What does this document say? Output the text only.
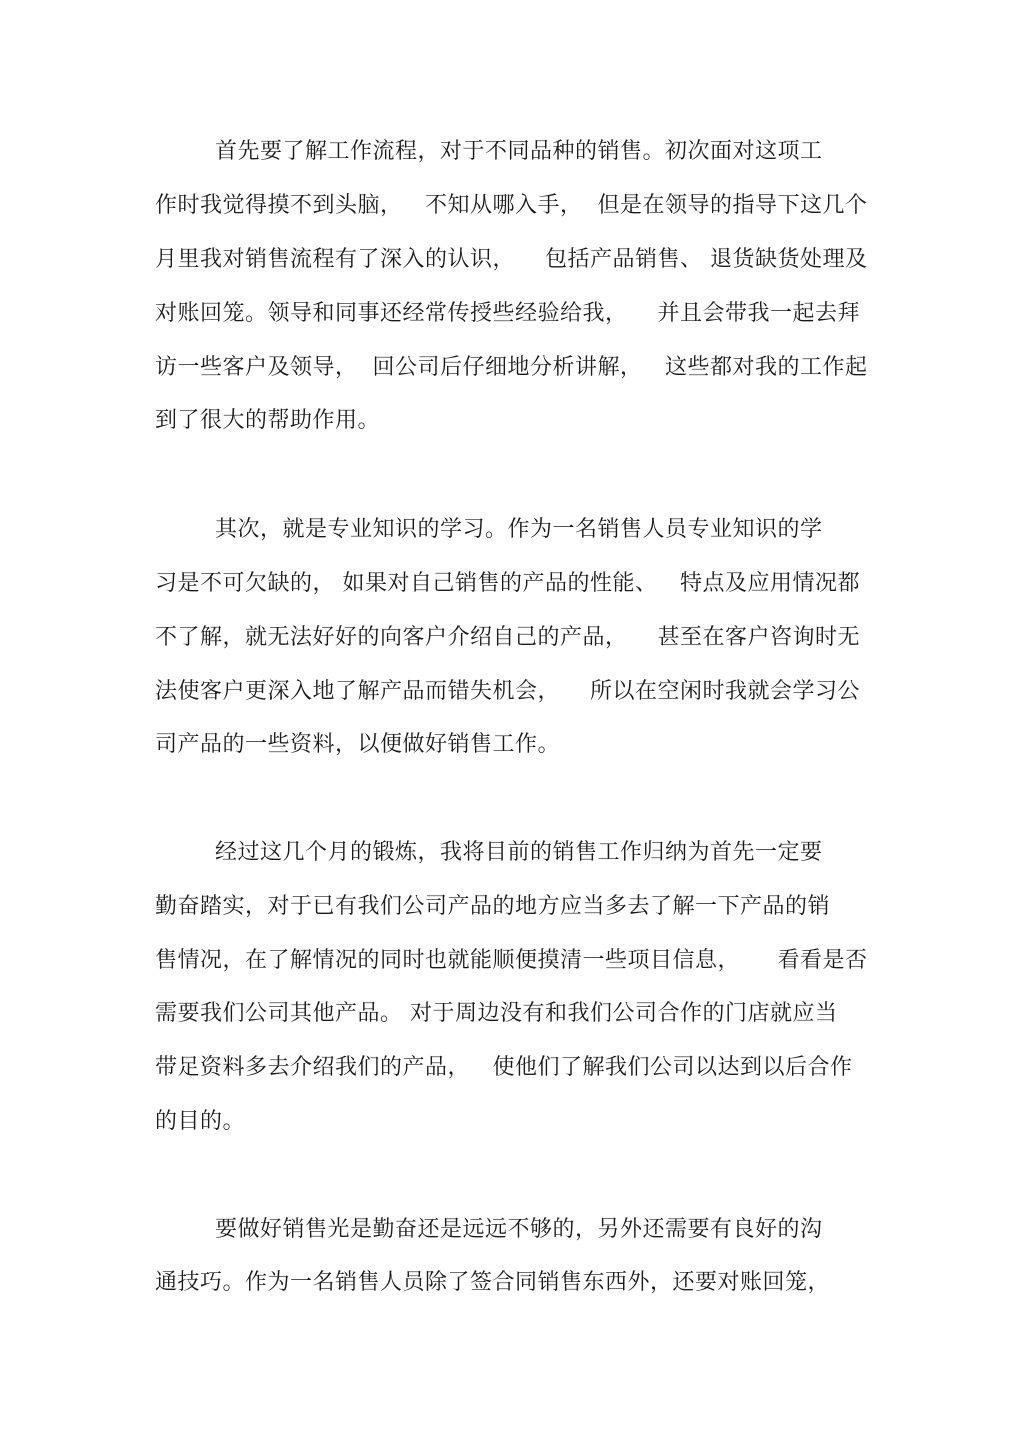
首先要了解工作流程，对于不同品种的销售。初次面对这项工
作时我觉得摸不到头脑，   不知从哪入手，  但是在领导的指导下这几个
月里我对销售流程有了深入的认识，    包括产品销售、 退货缺货处理及
对账回笼。领导和同事还经常传授些经验给我，    并且会带我一起去拜
访一些客户及领导，  回公司后仔细地分析讲解，   这些都对我的工作起
到了很大的帮助作用。
其次，就是专业知识的学习。作为一名销售人员专业知识的学
习是不可欠缺的， 如果对自己销售的产品的性能、   特点及应用情况都
不了解，就无法好好的向客户介绍自己的产品，    甚至在客户咨询时无
法使客户更深入地了解产品而错失机会，    所以在空闲时我就会学习公
司产品的一些资料，以便做好销售工作。
经过这几个月的锻炼，我将目前的销售工作归纳为首先一定要
勤奋踏实，对于已有我们公司产品的地方应当多去了解一下产品的销
售情况，在了解情况的同时也就能顺便摸清一些项目信息，     看看是否
需要我们公司其他产品。 对于周边没有和我们公司合作的门店就应当
带足资料多去介绍我们的产品，   使他们了解我们公司以达到以后合作
的目的。
要做好销售光是勤奋还是远远不够的，另外还需要有良好的沟
通技巧。作为一名销售人员除了签合同销售东西外，还要对账回笼，
